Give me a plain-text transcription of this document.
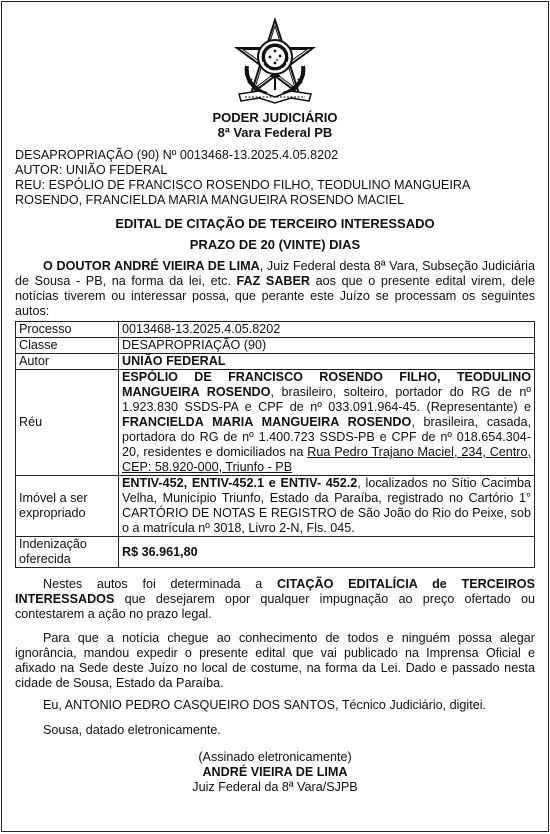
PODER JUDICIÁRIO
8ª Vara Federal PB
DESAPROPRIAÇÃO (90) Nº 0013468-13.2025.4.05.8202
AUTOR: UNIÃO FEDERAL
REU: ESPÓLIO DE FRANCISCO ROSENDO FILHO, TEODULINO MANGUEIRA ROSENDO, FRANCIELDA MARIA MANGUEIRA ROSENDO MACIEL
EDITAL DE CITAÇÃO DE TERCEIRO INTERESSADO
PRAZO DE 20 (VINTE) DIAS

O DOUTOR ANDRÉ VIEIRA DE LIMA, Juiz Federal desta 8ª Vara, Subseção Judiciária de Sousa - PB, na forma da lei, etc. FAZ SABER aos que o presente edital virem, dele notícias tiverem ou interessar possa, que perante este Juízo se processam os seguintes autos:

Processo	0013468-13.2025.4.05.8202
Classe	DESAPROPRIAÇÃO (90)
Autor	UNIÃO FEDERAL
Réu	ESPÓLIO DE FRANCISCO ROSENDO FILHO, TEODULINO MANGUEIRA ROSENDO, brasileiro, solteiro, portador do RG de nº 1.923.830 SSDS-PA e CPF de nº 033.091.964-45. (Representante) e FRANCIELDA MARIA MANGUEIRA ROSENDO, brasileira, casada, portadora do RG de nº 1.400.723 SSDS-PB e CPF de nº 018.654.304-20, residentes e domiciliados na Rua Pedro Trajano Maciel, 234, Centro, CEP: 58.920-000, Triunfo - PB
Imóvel a ser expropriado	ENTIV-452, ENTIV-452.1 e ENTIV- 452.2, localizados no Sítio Cacimba Velha, Município Triunfo, Estado da Paraíba, registrado no Cartório 1° CARTÓRIO DE NOTAS E REGISTRO de São João do Rio do Peixe, sob o a matrícula nº 3018, Livro 2-N, Fls. 045.
Indenização oferecida	R$ 36.961,80

Nestes autos foi determinada a CITAÇÃO EDITALÍCIA de TERCEIROS INTERESSADOS que desejarem opor qualquer impugnação ao preço ofertado ou contestarem a ação no prazo legal.

Para que a notícia chegue ao conhecimento de todos e ninguém possa alegar ignorância, mandou expedir o presente edital que vai publicado na Imprensa Oficial e afixado na Sede deste Juízo no local de costume, na forma da Lei. Dado e passado nesta cidade de Sousa, Estado da Paraíba.

Eu, ANTONIO PEDRO CASQUEIRO DOS SANTOS, Técnico Judiciário, digitei.

Sousa, datado eletronicamente.

(Assinado eletronicamente)
ANDRÉ VIEIRA DE LIMA
Juiz Federal da 8ª Vara/SJPB
